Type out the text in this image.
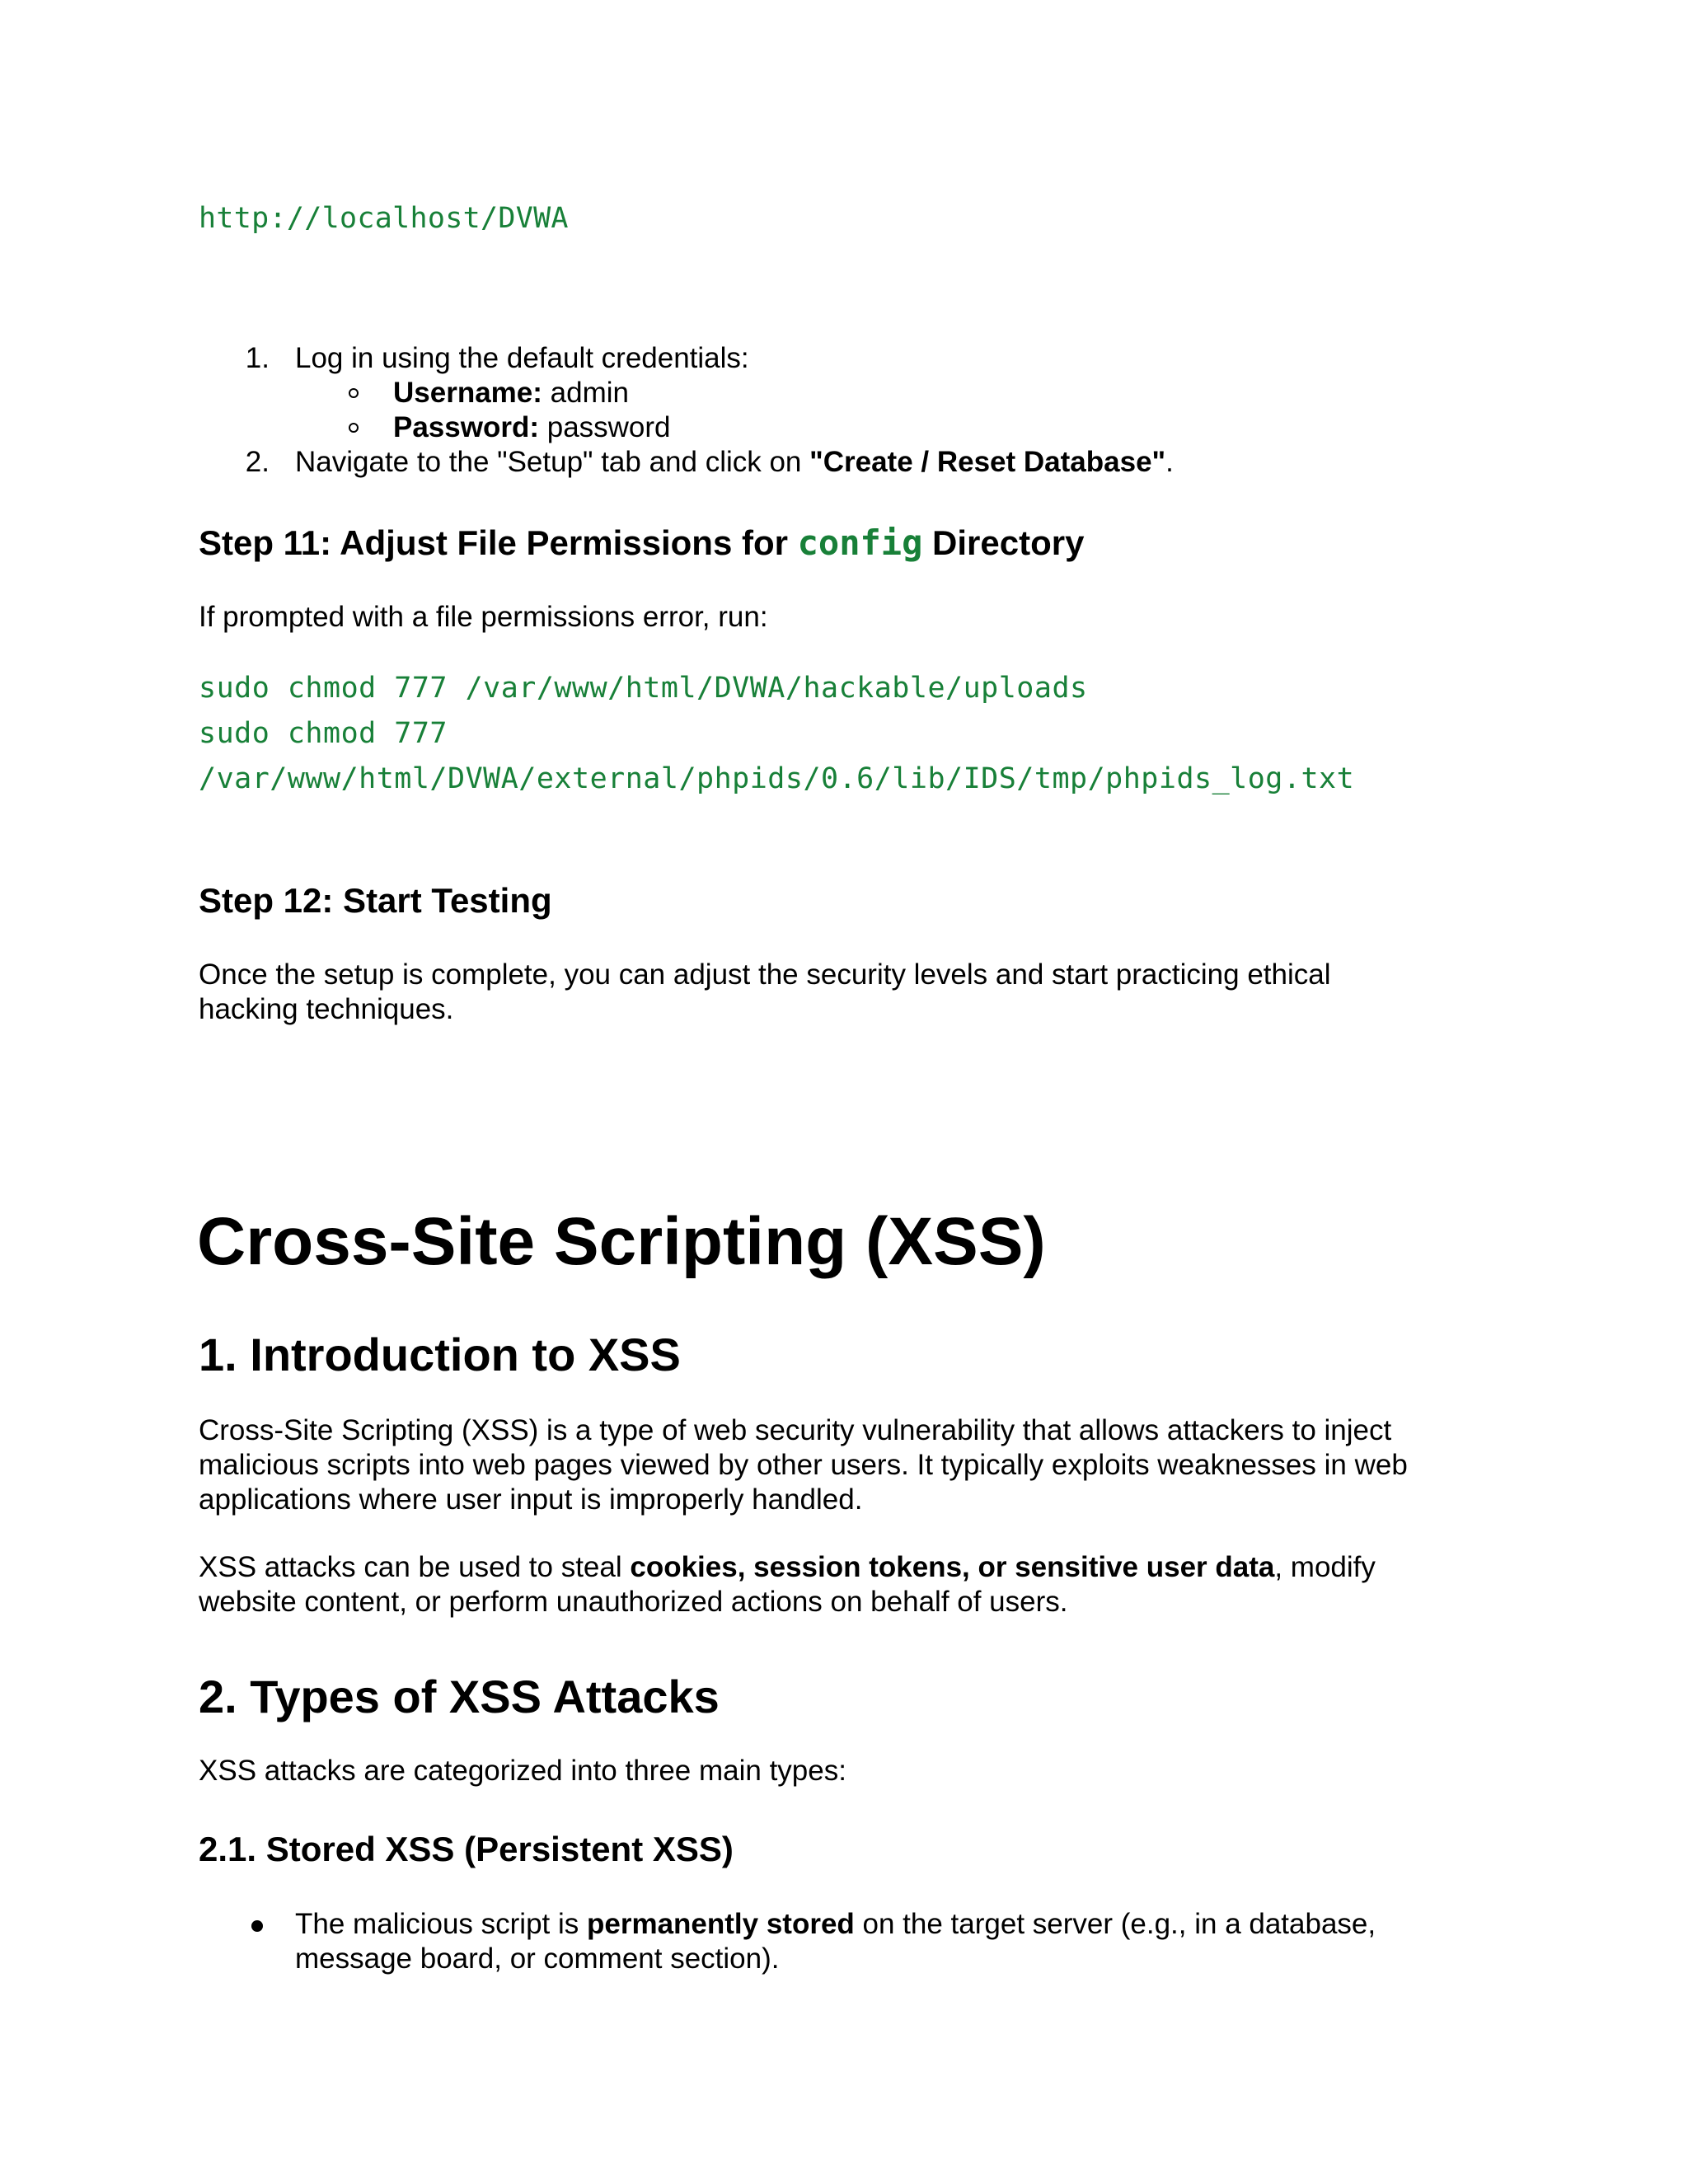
http://localhost/DVWA
1. Log in using the default credentials:
Username: admin
Password: password
2. Navigate to the "Setup" tab and click on "Create / Reset Database".
Step 11: Adjust File Permissions for config Directory
If prompted with a file permissions error, run:
sudo chmod 777 /var/www/html/DVWA/hackable/uploads
sudo chmod 777
/var/www/html/DVWA/external/phpids/0.6/lib/IDS/tmp/phpids_log.txt
Step 12: Start Testing
Once the setup is complete, you can adjust the security levels and start practicing ethical
hacking techniques.
Cross-Site Scripting (XSS)
1. Introduction to XSS
Cross-Site Scripting (XSS) is a type of web security vulnerability that allows attackers to inject
malicious scripts into web pages viewed by other users. It typically exploits weaknesses in web
applications where user input is improperly handled.
XSS attacks can be used to steal cookies, session tokens, or sensitive user data, modify
website content, or perform unauthorized actions on behalf of users.
2. Types of XSS Attacks
XSS attacks are categorized into three main types:
2.1. Stored XSS (Persistent XSS)
The malicious script is permanently stored on the target server (e.g., in a database,
message board, or comment section).
